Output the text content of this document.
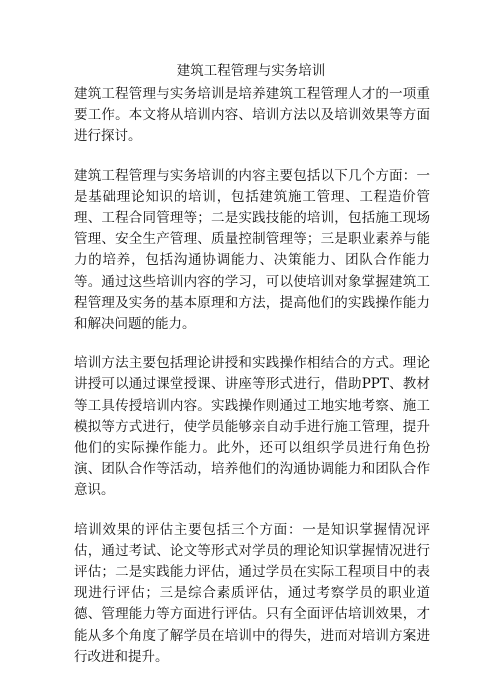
建筑工程管理与实务培训

建筑工程管理与实务培训是培养建筑工程管理人才的一项重要工作。本文将从培训内容、培训方法以及培训效果等方面进行探讨。

建筑工程管理与实务培训的内容主要包括以下几个方面：一是基础理论知识的培训，包括建筑施工管理、工程造价管理、工程合同管理等；二是实践技能的培训，包括施工现场管理、安全生产管理、质量控制管理等；三是职业素养与能力的培养，包括沟通协调能力、决策能力、团队合作能力等。通过这些培训内容的学习，可以使培训对象掌握建筑工程管理及实务的基本原理和方法，提高他们的实践操作能力和解决问题的能力。

培训方法主要包括理论讲授和实践操作相结合的方式。理论讲授可以通过课堂授课、讲座等形式进行，借助PPT、教材等工具传授培训内容。实践操作则通过工地实地考察、施工模拟等方式进行，使学员能够亲自动手进行施工管理，提升他们的实际操作能力。此外，还可以组织学员进行角色扮演、团队合作等活动，培养他们的沟通协调能力和团队合作意识。

培训效果的评估主要包括三个方面：一是知识掌握情况评估，通过考试、论文等形式对学员的理论知识掌握情况进行评估；二是实践能力评估，通过学员在实际工程项目中的表现进行评估；三是综合素质评估，通过考察学员的职业道德、管理能力等方面进行评估。只有全面评估培训效果，才能从多个角度了解学员在培训中的得失，进而对培训方案进行改进和提升。
